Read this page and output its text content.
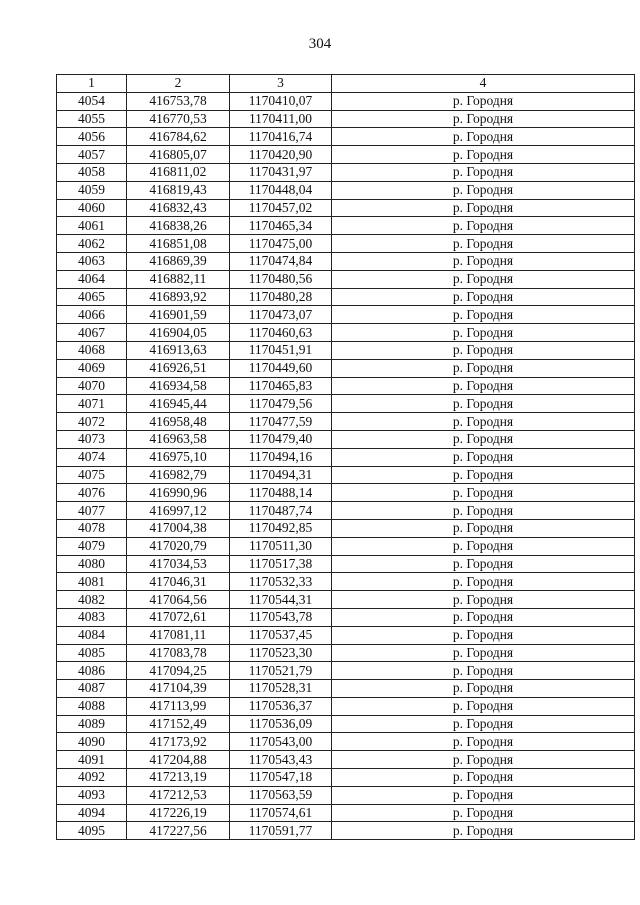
304
1	2	3	4
4054	416753,78	1170410,07	р. Городня
4055	416770,53	1170411,00	р. Городня
4056	416784,62	1170416,74	р. Городня
4057	416805,07	1170420,90	р. Городня
4058	416811,02	1170431,97	р. Городня
4059	416819,43	1170448,04	р. Городня
4060	416832,43	1170457,02	р. Городня
4061	416838,26	1170465,34	р. Городня
4062	416851,08	1170475,00	р. Городня
4063	416869,39	1170474,84	р. Городня
4064	416882,11	1170480,56	р. Городня
4065	416893,92	1170480,28	р. Городня
4066	416901,59	1170473,07	р. Городня
4067	416904,05	1170460,63	р. Городня
4068	416913,63	1170451,91	р. Городня
4069	416926,51	1170449,60	р. Городня
4070	416934,58	1170465,83	р. Городня
4071	416945,44	1170479,56	р. Городня
4072	416958,48	1170477,59	р. Городня
4073	416963,58	1170479,40	р. Городня
4074	416975,10	1170494,16	р. Городня
4075	416982,79	1170494,31	р. Городня
4076	416990,96	1170488,14	р. Городня
4077	416997,12	1170487,74	р. Городня
4078	417004,38	1170492,85	р. Городня
4079	417020,79	1170511,30	р. Городня
4080	417034,53	1170517,38	р. Городня
4081	417046,31	1170532,33	р. Городня
4082	417064,56	1170544,31	р. Городня
4083	417072,61	1170543,78	р. Городня
4084	417081,11	1170537,45	р. Городня
4085	417083,78	1170523,30	р. Городня
4086	417094,25	1170521,79	р. Городня
4087	417104,39	1170528,31	р. Городня
4088	417113,99	1170536,37	р. Городня
4089	417152,49	1170536,09	р. Городня
4090	417173,92	1170543,00	р. Городня
4091	417204,88	1170543,43	р. Городня
4092	417213,19	1170547,18	р. Городня
4093	417212,53	1170563,59	р. Городня
4094	417226,19	1170574,61	р. Городня
4095	417227,56	1170591,77	р. Городня
